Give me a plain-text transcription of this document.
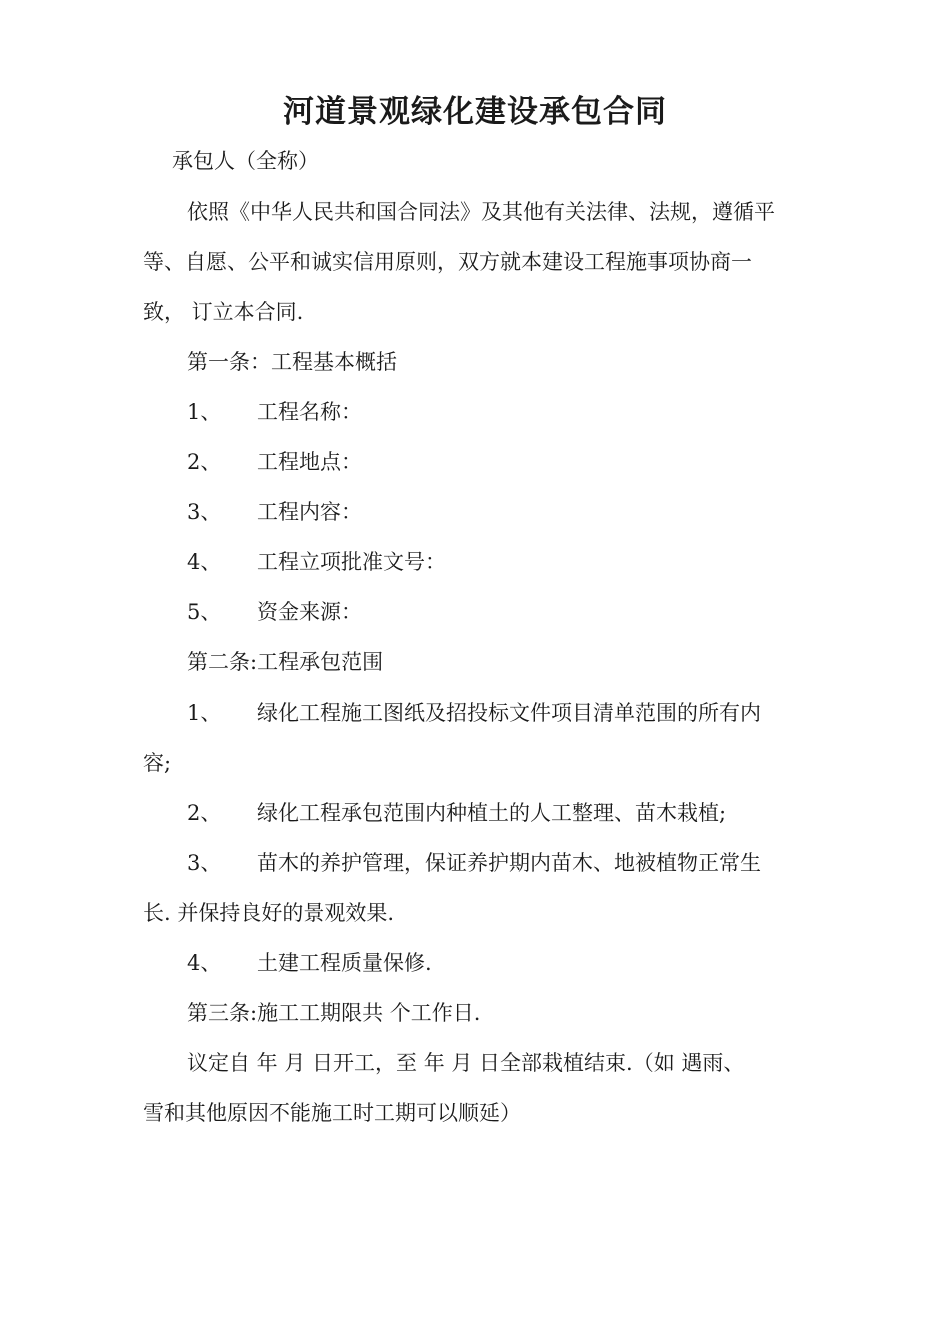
河道景观绿化建设承包合同
承包人（全称）
依照《中华人民共和国合同法》及其他有关法律、法规，遵循平
等、自愿、公平和诚实信用原则，双方就本建设工程施事项协商一
致， 订立本合同.
第一条：工程基本概括
1、 工程名称：
2、 工程地点：
3、 工程内容：
4、 工程立项批准文号：
5、 资金来源：
第二条:工程承包范围
1、 绿化工程施工图纸及招投标文件项目清单范围的所有内
容;
2、 绿化工程承包范围内种植土的人工整理、苗木栽植;
3、 苗木的养护管理，保证养护期内苗木、地被植物正常生
长. 并保持良好的景观效果.
4、 土建工程质量保修.
第三条:施工工期限共 个工作日.
议定自 年 月 日开工，至 年 月 日全部栽植结束.（如 遇雨、
雪和其他原因不能施工时工期可以顺延）
